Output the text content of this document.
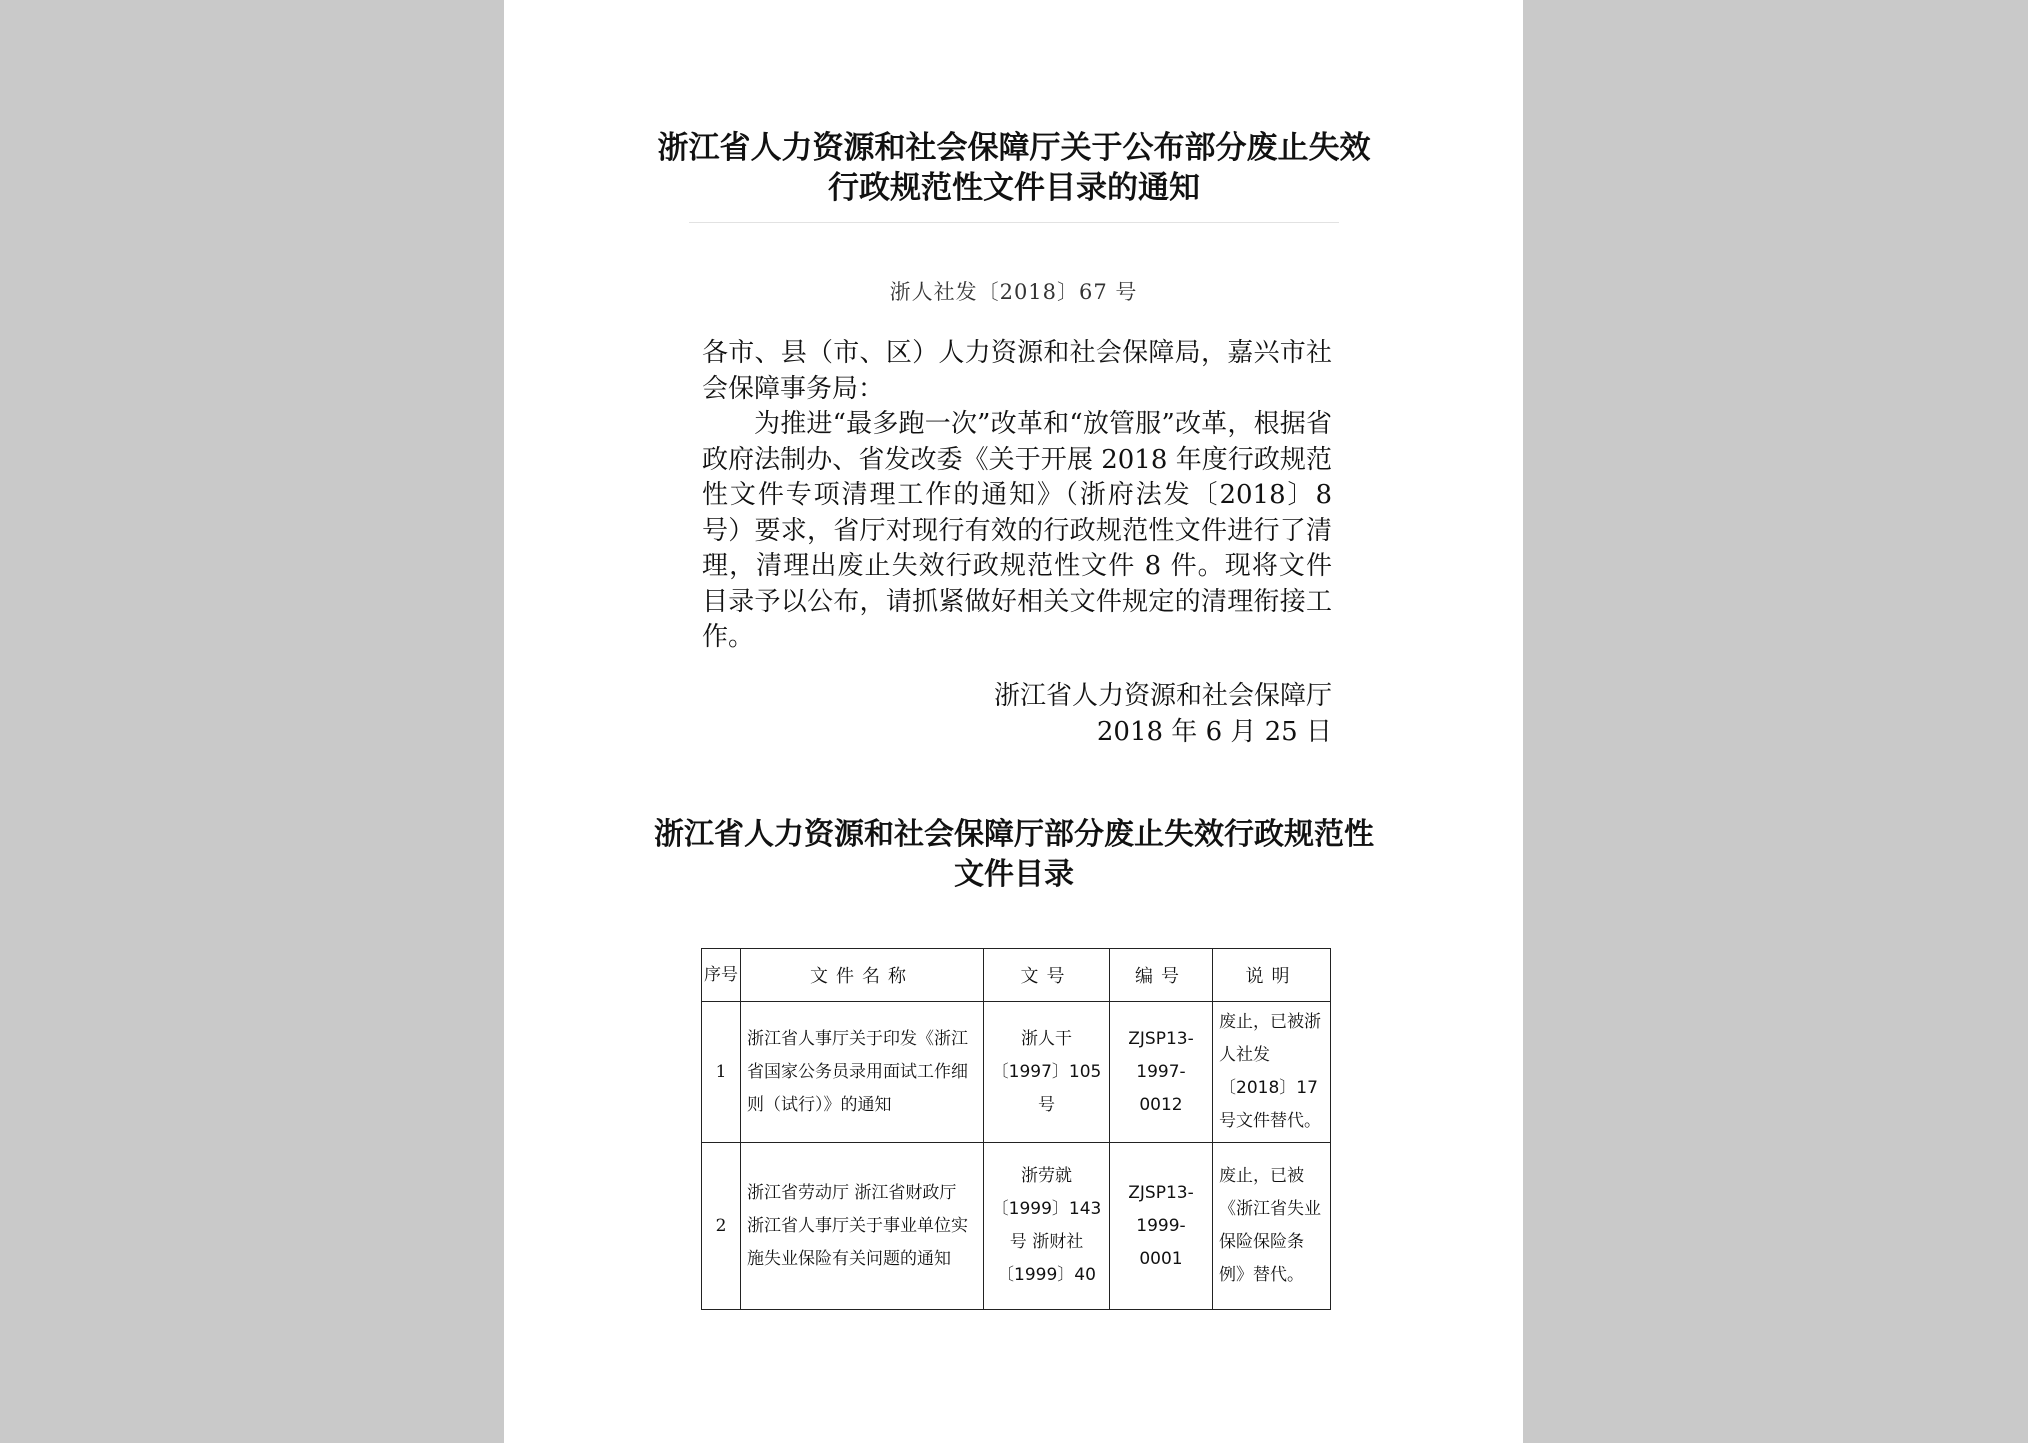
浙江省人力资源和社会保障厅关于公布部分废止失效行政规范性文件目录的通知
浙人社发〔2018〕67 号

各市、县（市、区）人力资源和社会保障局，嘉兴市社会保障事务局：

为推进“最多跑一次”改革和“放管服”改革，根据省政府法制办、省发改委《关于开展 2018 年度行政规范性文件专项清理工作的通知》（浙府法发〔2018〕8 号）要求，省厅对现行有效的行政规范性文件进行了清理，清理出废止失效行政规范性文件 8 件。现将文件目录予以公布，请抓紧做好相关文件规定的清理衔接工作。

浙江省人力资源和社会保障厅
2018 年 6 月 25 日
浙江省人力资源和社会保障厅部分废止失效行政规范性文件目录
序号	文件名称	文号	编号	说明
1	浙江省人事厅关于印发《浙江省国家公务员录用面试工作细则（试行）》的通知	浙人干〔1997〕105 号	ZJSP13-1997-0012	废止，已被浙人社发〔2018〕17 号文件替代。
2	浙江省劳动厅 浙江省财政厅 浙江省人事厅关于事业单位实施失业保险有关问题的通知	浙劳就〔1999〕143 号 浙财社〔1999〕40	ZJSP13-1999-0001	废止，已被《浙江省失业保险保险条例》替代。
